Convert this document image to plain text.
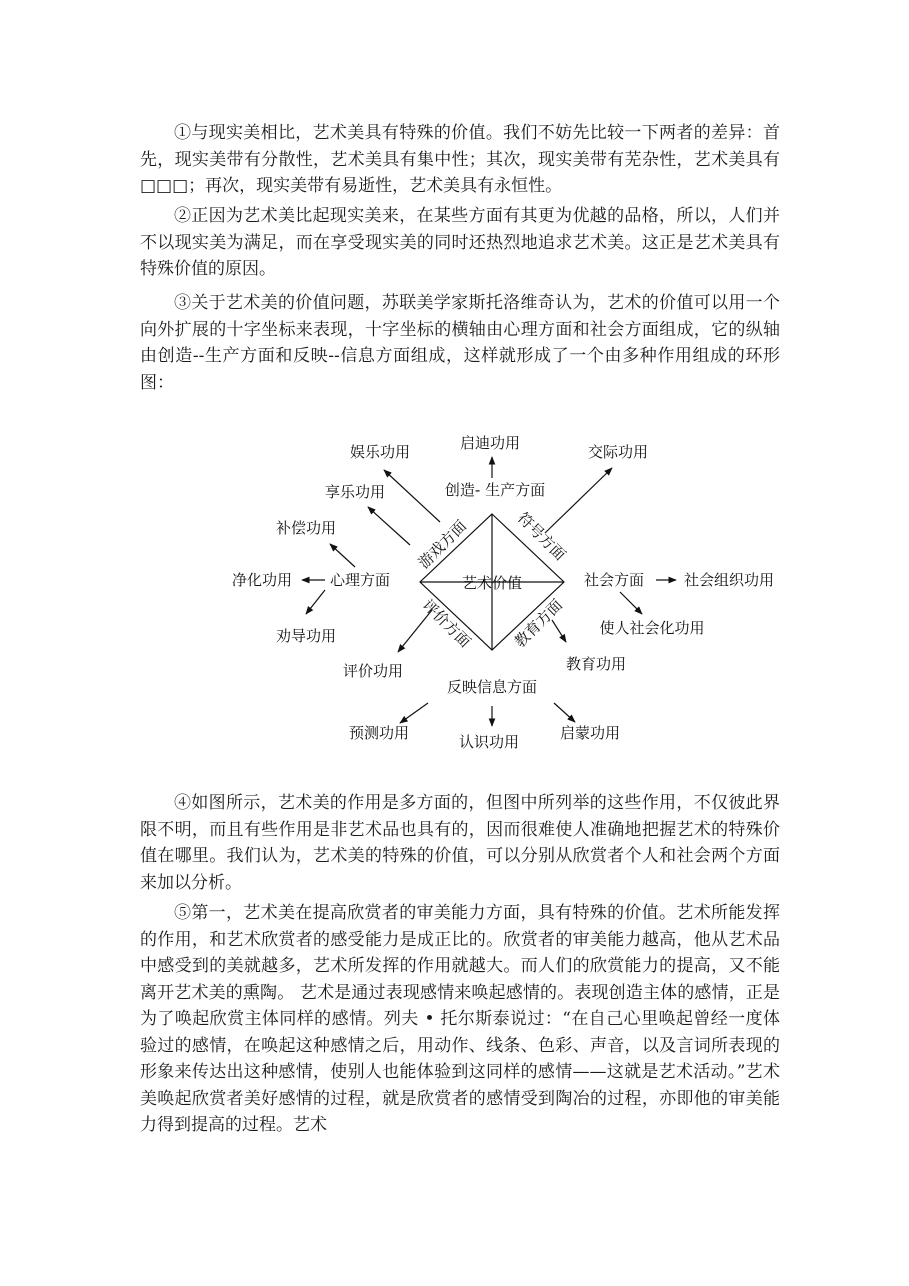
①与现实美相比，艺术美具有特殊的价值。我们不妨先比较一下两者的差异：首先，现实美带有分散性，艺术美具有集中性；其次，现实美带有芜杂性，艺术美具有□□□；再次，现实美带有易逝性，艺术美具有永恒性。

②正因为艺术美比起现实美来，在某些方面有其更为优越的品格，所以，人们并不以现实美为满足，而在享受现实美的同时还热烈地追求艺术美。这正是艺术美具有特殊价值的原因。

③关于艺术美的价值问题，苏联美学家斯托洛维奇认为，艺术的价值可以用一个向外扩展的十字坐标来表现，十字坐标的横轴由心理方面和社会方面组成，它的纵轴由创造--生产方面和反映--信息方面组成，这样就形成了一个由多种作用组成的环形图：

艺术价值
创造- 生产方面
反映信息方面
心理方面	社会方面
游戏方面	符号方面
评价方面 教育方面
启迪功用
娱乐功用	交际功用
享乐功用
补偿功用
净化功用
劝导功用
评价功用
社会组织功用
使人社会化功用
教育功用
预测功用	认识功用	启蒙功用

④如图所示，艺术美的作用是多方面的，但图中所列举的这些作用，不仅彼此界限不明，而且有些作用是非艺术品也具有的，因而很难使人准确地把握艺术的特殊价值在哪里。我们认为，艺术美的特殊的价值，可以分别从欣赏者个人和社会两个方面来加以分析。

⑤第一，艺术美在提高欣赏者的审美能力方面，具有特殊的价值。艺术所能发挥的作用，和艺术欣赏者的感受能力是成正比的。欣赏者的审美能力越高，他从艺术品中感受到的美就越多，艺术所发挥的作用就越大。而人们的欣赏能力的提高，又不能离开艺术美的熏陶。 艺术是通过表现感情来唤起感情的。表现创造主体的感情，正是为了唤起欣赏主体同样的感情。列夫 • 托尔斯泰说过：“在自己心里唤起曾经一度体验过的感情，在唤起这种感情之后，用动作、线条、色彩、声音，以及言词所表现的形象来传达出这种感情，使别人也能体验到这同样的感情——这就是艺术活动。”艺术美唤起欣赏者美好感情的过程，就是欣赏者的感情受到陶冶的过程，亦即他的审美能力得到提高的过程。艺术
